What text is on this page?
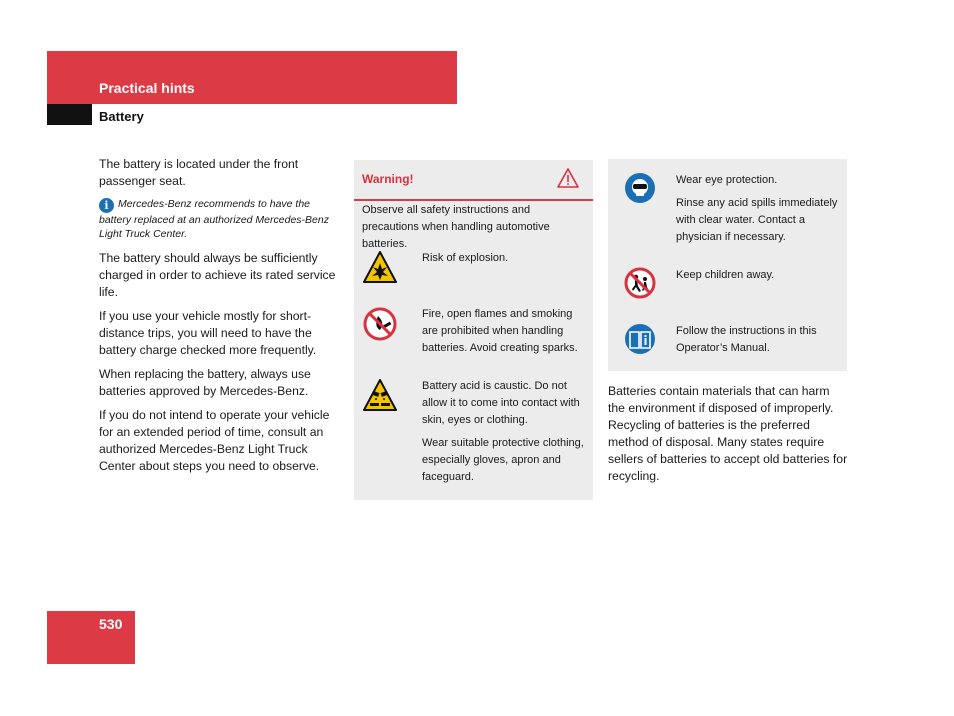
Practical hints
Battery

The battery is located under the front passenger seat.

i Mercedes-Benz recommends to have the battery replaced at an authorized Mercedes-Benz Light Truck Center.

The battery should always be sufficiently charged in order to achieve its rated service life.

If you use your vehicle mostly for short-distance trips, you will need to have the battery charge checked more frequently.

When replacing the battery, always use batteries approved by Mercedes-Benz.

If you do not intend to operate your vehicle for an extended period of time, consult an authorized Mercedes-Benz Light Truck Center about steps you need to observe.

Warning!
Observe all safety instructions and precautions when handling automotive batteries.
Risk of explosion.
Fire, open flames and smoking are prohibited when handling batteries. Avoid creating sparks.

Battery acid is caustic. Do not allow it to come into contact with skin, eyes or clothing.

Wear suitable protective clothing, especially gloves, apron and faceguard.

Wear eye protection.

Rinse any acid spills immediately with clear water. Contact a physician if necessary.

Keep children away.

Follow the instructions in this Operator’s Manual.

Batteries contain materials that can harm the environment if disposed of improperly. Recycling of batteries is the preferred method of disposal. Many states require sellers of batteries to accept old batteries for recycling.

530
